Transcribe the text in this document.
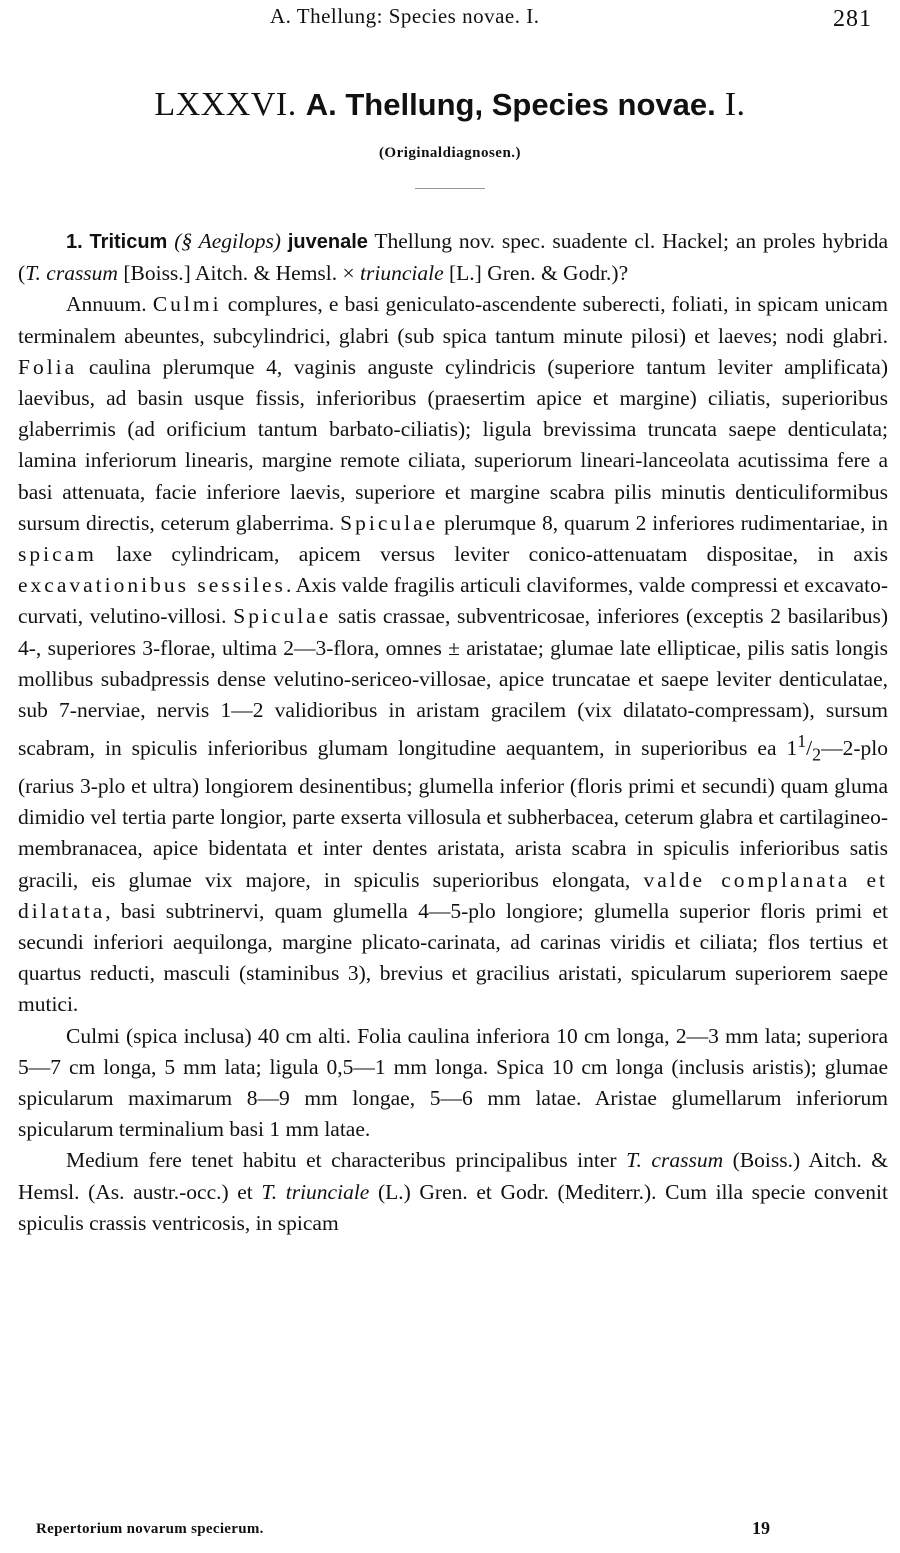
A. Thellung: Species novae. I.	281
LXXXVI. A. Thellung, Species novae. I.
(Originaldiagnosen.)

1. Triticum (§ Aegilops) juvenale Thellung nov. spec. suadente cl. Hackel; an proles hybrida (T. crassum [Boiss.] Aitch. & Hemsl. × triunciale [L.] Gren. & Godr.)?

Annuum. Culmi complures, e basi geniculato-ascendente suberecti, foliati, in spicam unicam terminalem abeuntes, subcylindrici, glabri (sub spica tantum minute pilosi) et laeves; nodi glabri. Folia caulina plerumque 4, vaginis anguste cylindricis (superiore tantum leviter amplificata) laevibus, ad basin usque fissis, inferioribus (praesertim apice et margine) ciliatis, superioribus glaberrimis (ad orificium tantum barbato-ciliatis); ligula brevissima truncata saepe denticulata; lamina inferiorum linearis, margine remote ciliata, superiorum lineari-lanceolata acutissima fere a basi attenuata, facie inferiore laevis, superiore et margine scabra pilis minutis denticuliformibus sursum directis, ceterum glaberrima. Spiculae plerumque 8, quarum 2 inferiores rudimentariae, in spicam laxe cylindricam, apicem versus leviter conico-attenuatam dispositae, in axis excavationibus sessiles. Axis valde fragilis articuli claviformes, valde compressi et excavato-curvati, velutino-villosi. Spiculae satis crassae, subventricosae, inferiores (exceptis 2 basilaribus) 4-, superiores 3-florae, ultima 2—3-flora, omnes ± aristatae; glumae late ellipticae, pilis satis longis mollibus subadpressis dense velutino-sericeo-villosae, apice truncatae et saepe leviter denticulatae, sub 7-nerviae, nervis 1—2 validioribus in aristam gracilem (vix dilatato-compressam), sursum scabram, in spiculis inferioribus glumam longitudine aequantem, in superioribus ea $1^1/_2—2$-plo (rarius 3-plo et ultra) longiorem desinentibus; glumella inferior (floris primi et secundi) quam gluma dimidio vel tertia parte longior, parte exserta villosula et subherbacea, ceterum glabra et cartilagineo-membranacea, apice bidentata et inter dentes aristata, arista scabra in spiculis inferioribus satis gracili, eis glumae vix majore, in spiculis superioribus elongata, valde complanata et dilatata, basi subtrinervi, quam glumella 4—5-plo longiore; glumella superior floris primi et secundi inferiori aequilonga, margine plicato-carinata, ad carinas viridis et ciliata; flos tertius et quartus reducti, masculi (staminibus 3), brevius et gracilius aristati, spicularum superiorem saepe mutici.

Culmi (spica inclusa) 40 cm alti. Folia caulina inferiora 10 cm longa, 2—3 mm lata; superiora 5—7 cm longa, 5 mm lata; ligula 0,5—1 mm longa. Spica 10 cm longa (inclusis aristis); glumae spicularum maximarum 8—9 mm longae, 5—6 mm latae. Aristae glumellarum inferiorum spicularum terminalium basi 1 mm latae.

Medium fere tenet habitu et characteribus principalibus inter T. crassum (Boiss.) Aitch. & Hemsl. (As. austr.-occ.) et T. triunciale (L.) Gren. et Godr. (Mediterr.). Cum illa specie convenit spiculis crassis ventricosis, in spicam

Repertorium novarum specierum.	19
